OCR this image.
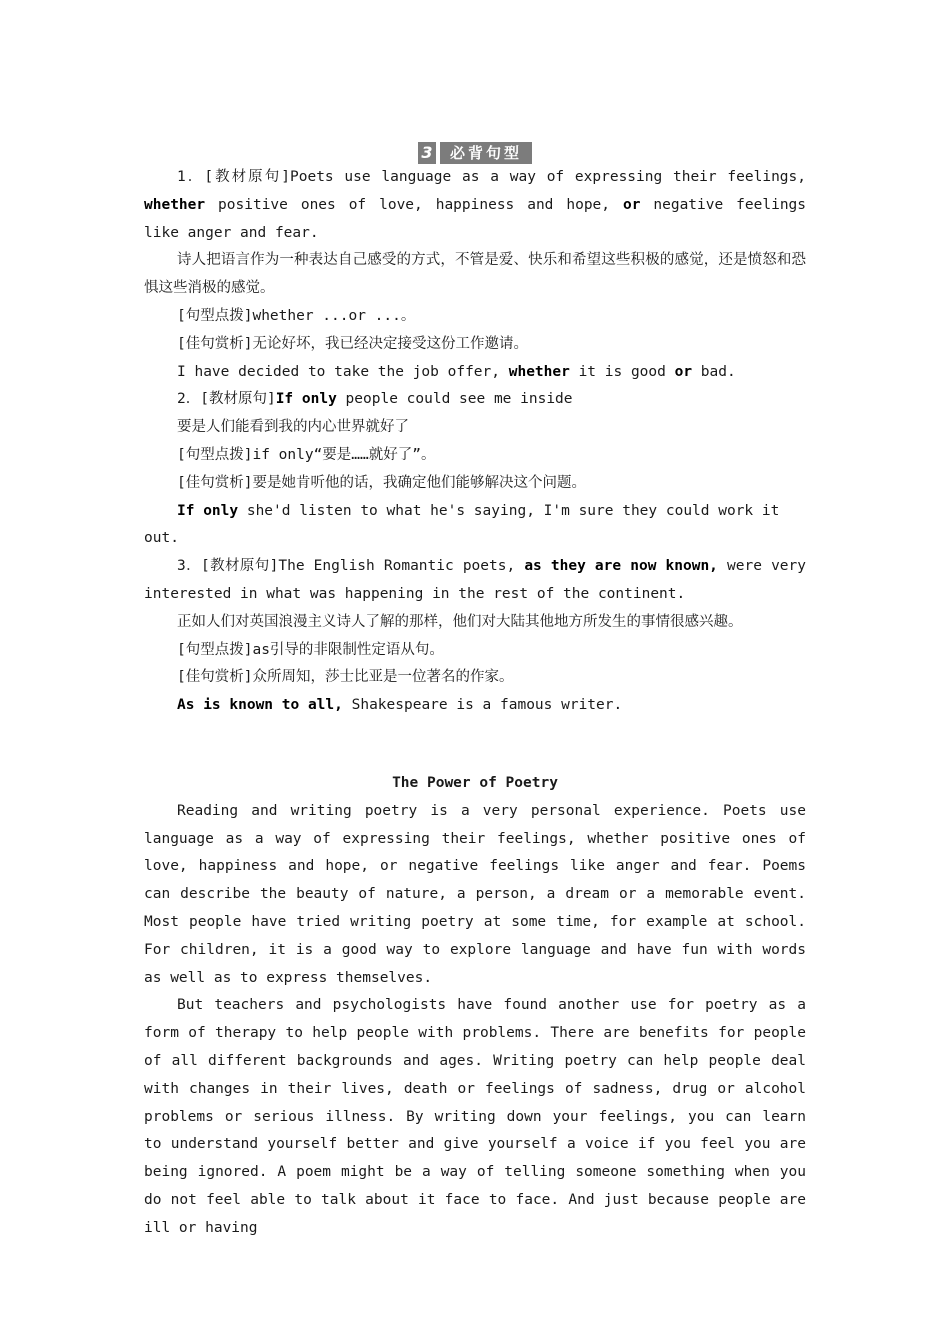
3	必背句型

1．[教材原句]Poets use language as a way of expressing their feelings, whether positive ones of love, happiness and hope, or negative feelings like anger and fear.

诗人把语言作为一种表达自己感受的方式，不管是爱、快乐和希望这些积极的感觉，还是愤怒和恐惧这些消极的感觉。

[句型点拨]whether ...or ...。

[佳句赏析]无论好坏，我已经决定接受这份工作邀请。

I have decided to take the job offer, whether it is good or bad.

2．[教材原句]If only people could see me inside

要是人们能看到我的内心世界就好了

[句型点拨]if only“要是……就好了”。

[佳句赏析]要是她肯听他的话，我确定他们能够解决这个问题。

If only she'd listen to what he's saying, I'm sure they could work it out.

3．[教材原句]The English Romantic poets, as they are now known, were very interested in what was happening in the rest of the continent.

正如人们对英国浪漫主义诗人了解的那样，他们对大陆其他地方所发生的事情很感兴趣。

[句型点拨]as引导的非限制性定语从句。

[佳句赏析]众所周知，莎士比亚是一位著名的作家。

As is known to all, Shakespeare is a famous writer.

The Power of Poetry

Reading and writing poetry is a very personal experience. Poets use language as a way of expressing their feelings, whether positive ones of love, happiness and hope, or negative feelings like anger and fear. Poems can describe the beauty of nature, a person, a dream or a memorable event. Most people have tried writing poetry at some time, for example at school. For children, it is a good way to explore language and have fun with words as well as to express themselves.

But teachers and psychologists have found another use for poetry as a form of therapy to help people with problems. There are benefits for people of all different backgrounds and ages. Writing poetry can help people deal with changes in their lives, death or feelings of sadness, drug or alcohol problems or serious illness. By writing down your feelings, you can learn to understand yourself better and give yourself a voice if you feel you are being ignored. A poem might be a way of telling someone something when you do not feel able to talk about it face to face. And just because people are ill or having
